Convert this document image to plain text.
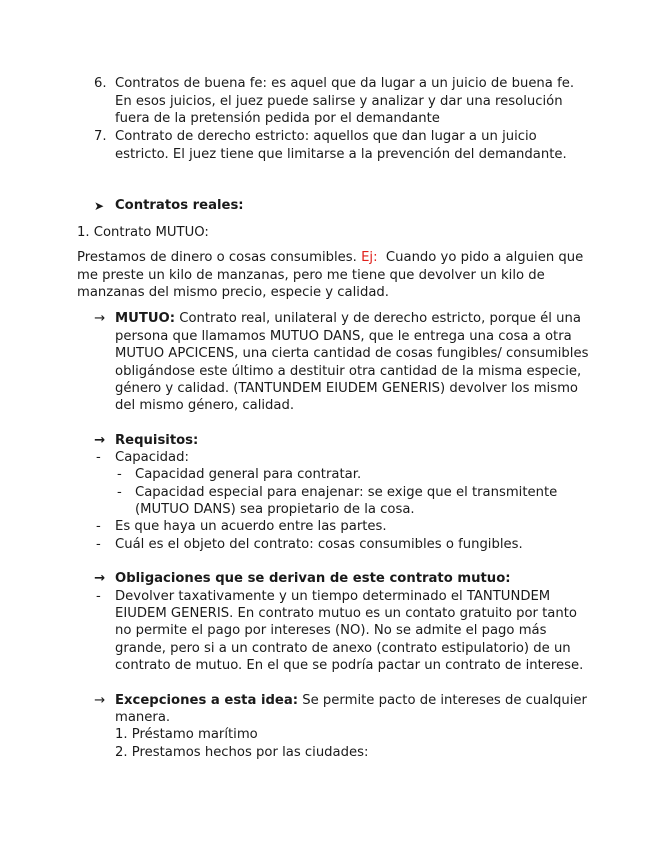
6. Contratos de buena fe: es aquel que da lugar a un juicio de buena fe.
En esos juicios, el juez puede salirse y analizar y dar una resolución
fuera de la pretensión pedida por el demandante
7. Contrato de derecho estricto: aquellos que dan lugar a un juicio
estricto. El juez tiene que limitarse a la prevención del demandante.
➤ Contratos reales:
1. Contrato MUTUO:
Prestamos de dinero o cosas consumibles. Ej: Cuando yo pido a alguien que
me preste un kilo de manzanas, pero me tiene que devolver un kilo de
manzanas del mismo precio, especie y calidad.
→ MUTUO: Contrato real, unilateral y de derecho estricto, porque él una
persona que llamamos MUTUO DANS, que le entrega una cosa a otra
MUTUO APCICENS, una cierta cantidad de cosas fungibles/ consumibles
obligándose este último a destituir otra cantidad de la misma especie,
género y calidad. (TANTUNDEM EIUDEM GENERIS) devolver los mismo
del mismo género, calidad.
→ Requisitos:
- Capacidad:
- Capacidad general para contratar.
- Capacidad especial para enajenar: se exige que el transmitente
(MUTUO DANS) sea propietario de la cosa.
- Es que haya un acuerdo entre las partes.
- Cuál es el objeto del contrato: cosas consumibles o fungibles.
→ Obligaciones que se derivan de este contrato mutuo:
- Devolver taxativamente y un tiempo determinado el TANTUNDEM
EIUDEM GENERIS. En contrato mutuo es un contato gratuito por tanto
no permite el pago por intereses (NO). No se admite el pago más
grande, pero si a un contrato de anexo (contrato estipulatorio) de un
contrato de mutuo. En el que se podría pactar un contrato de interese.
→ Excepciones a esta idea: Se permite pacto de intereses de cualquier
manera.
1. Préstamo marítimo
2. Prestamos hechos por las ciudades:
